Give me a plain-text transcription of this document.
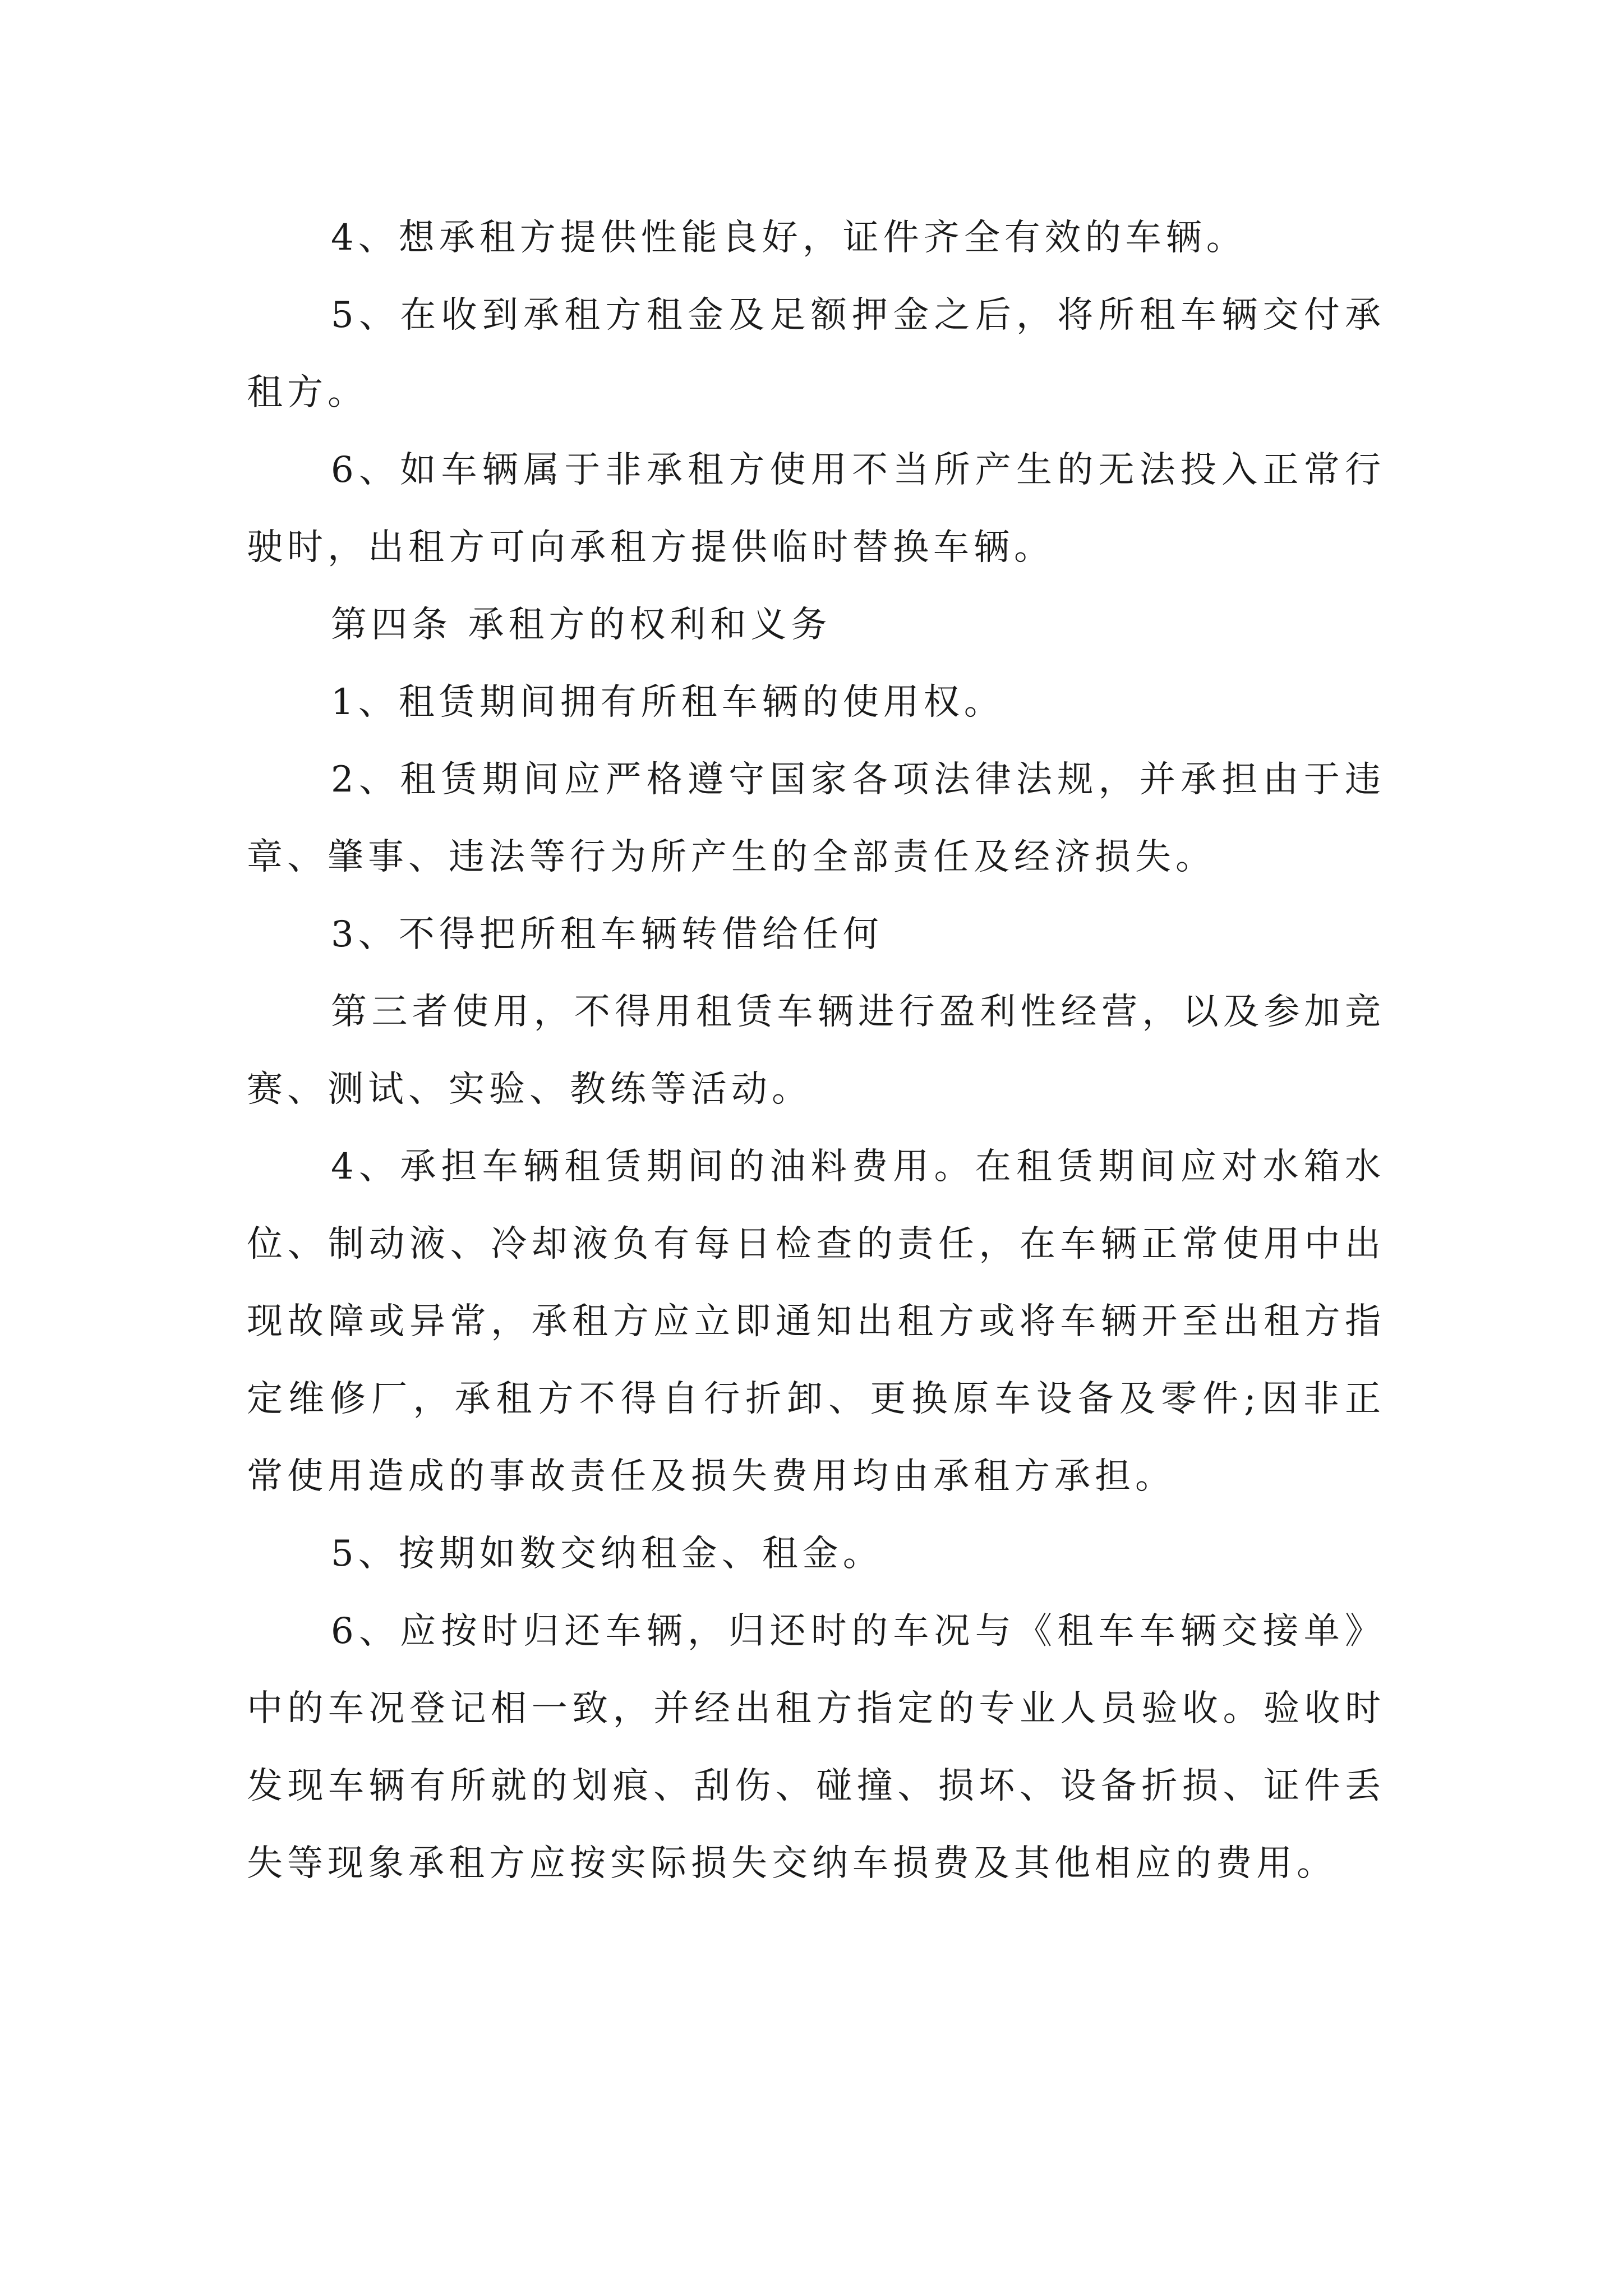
4、想承租方提供性能良好，证件齐全有效的车辆。

5、在收到承租方租金及足额押金之后，将所租车辆交付承租方。

6、如车辆属于非承租方使用不当所产生的无法投入正常行驶时，出租方可向承租方提供临时替换车辆。

第四条 承租方的权利和义务

1、租赁期间拥有所租车辆的使用权。

2、租赁期间应严格遵守国家各项法律法规，并承担由于违章、肇事、违法等行为所产生的全部责任及经济损失。

3、不得把所租车辆转借给任何

第三者使用，不得用租赁车辆进行盈利性经营，以及参加竞赛、测试、实验、教练等活动。

4、承担车辆租赁期间的油料费用。在租赁期间应对水箱水位、制动液、冷却液负有每日检查的责任，在车辆正常使用中出现故障或异常，承租方应立即通知出租方或将车辆开至出租方指定维修厂，承租方不得自行折卸、更换原车设备及零件;因非正常使用造成的事故责任及损失费用均由承租方承担。

5、按期如数交纳租金、租金。

6、应按时归还车辆，归还时的车况与《租车车辆交接单》中的车况登记相一致，并经出租方指定的专业人员验收。验收时发现车辆有所就的划痕、刮伤、碰撞、损坏、设备折损、证件丢失等现象承租方应按实际损失交纳车损费及其他相应的费用。
